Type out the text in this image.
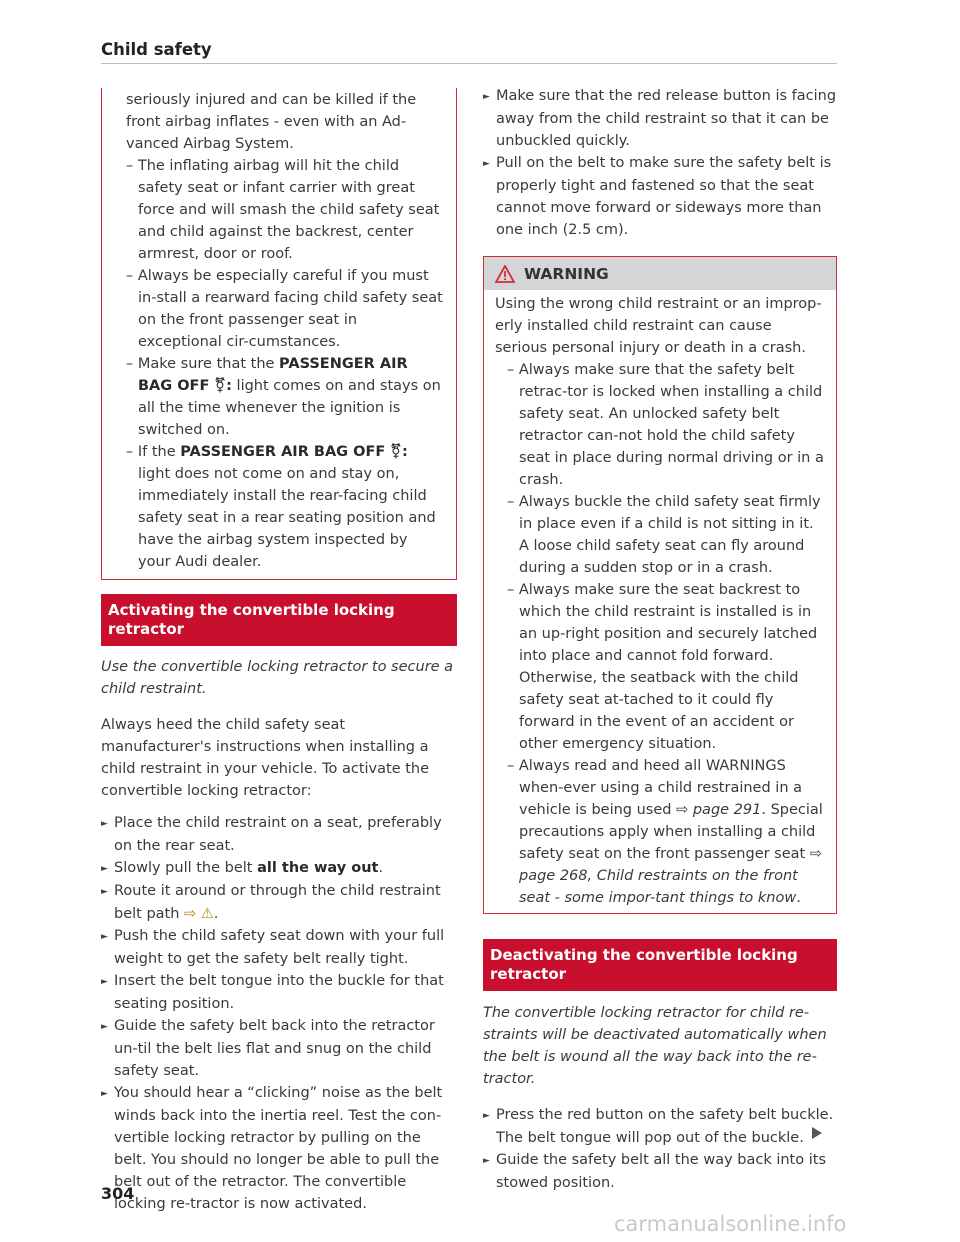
Child safety

seriously injured and can be killed if the front airbag inflates - even with an Ad-vanced Airbag System.

– The inflating airbag will hit the child safety seat or infant carrier with great force and will smash the child safety seat and child against the backrest, center armrest, door or roof.

– Always be especially careful if you must in-stall a rearward facing child safety seat on the front passenger seat in exceptional cir-cumstances.

– Make sure that the PASSENGER AIR BAG OFF ⚧: light comes on and stays on all the time whenever the ignition is switched on.

– If the PASSENGER AIR BAG OFF ⚧: light does not come on and stay on, immediately install the rear-facing child safety seat in a rear seating position and have the airbag system inspected by your Audi dealer.

Activating the convertible locking retractor

Use the convertible locking retractor to secure a child restraint.

Always heed the child safety seat manufacturer's instructions when installing a child restraint in your vehicle. To activate the convertible locking retractor:

► Place the child restraint on a seat, preferably on the rear seat.

► Slowly pull the belt all the way out.

► Route it around or through the child restraint belt path ⇨ ⚠.

► Push the child safety seat down with your full weight to get the safety belt really tight.

► Insert the belt tongue into the buckle for that seating position.

► Guide the safety belt back into the retractor un-til the belt lies flat and snug on the child safety seat.

► You should hear a “clicking” noise as the belt winds back into the inertia reel. Test the con-vertible locking retractor by pulling on the belt. You should no longer be able to pull the belt out of the retractor. The convertible locking re-tractor is now activated.

► Make sure that the red release button is facing away from the child restraint so that it can be unbuckled quickly.

► Pull on the belt to make sure the safety belt is properly tight and fastened so that the seat cannot move forward or sideways more than one inch (2.5 cm).

WARNING

Using the wrong child restraint or an improp-erly installed child restraint can cause serious personal injury or death in a crash.

– Always make sure that the safety belt retrac-tor is locked when installing a child safety seat. An unlocked safety belt retractor can-not hold the child safety seat in place during normal driving or in a crash.

– Always buckle the child safety seat firmly in place even if a child is not sitting in it. A loose child safety seat can fly around during a sudden stop or in a crash.

– Always make sure the seat backrest to which the child restraint is installed is in an up-right position and securely latched into place and cannot fold forward. Otherwise, the seatback with the child safety seat at-tached to it could fly forward in the event of an accident or other emergency situation.

– Always read and heed all WARNINGS when-ever using a child restrained in a vehicle is being used ⇨ page 291. Special precautions apply when installing a child safety seat on the front passenger seat ⇨ page 268, Child restraints on the front seat - some impor-tant things to know.

Deactivating the convertible locking retractor

The convertible locking retractor for child re-straints will be deactivated automatically when the belt is wound all the way back into the re-tractor.

► Press the red button on the safety belt buckle. The belt tongue will pop out of the buckle.

► Guide the safety belt all the way back into its stowed position.

304
carmanualsonline.info
